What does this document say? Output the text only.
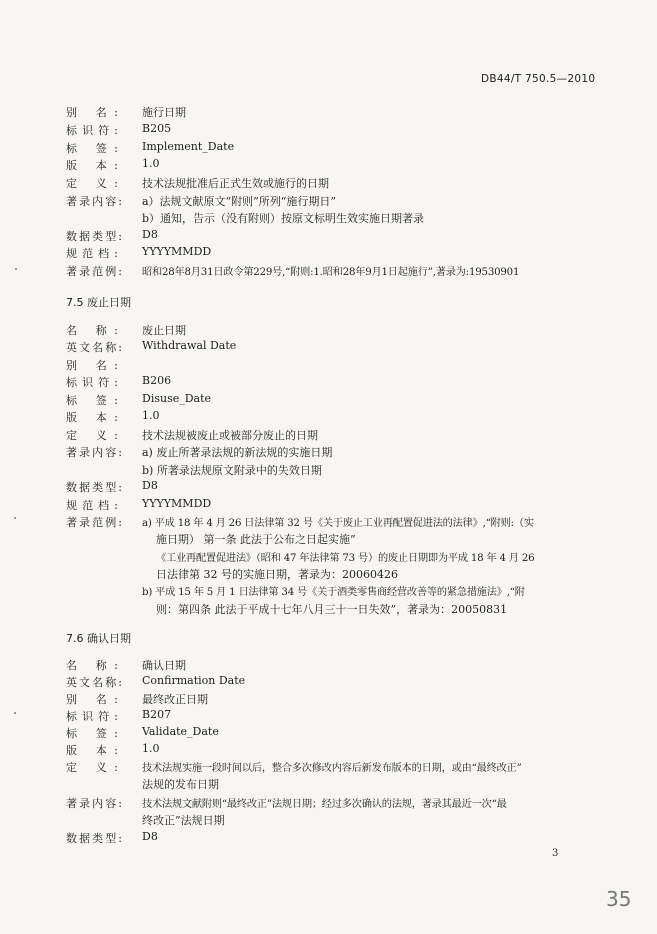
DB44/T 750.5—2010
别 名: 施行日期
标识符: B205
标 签: Implement_Date
版 本: 1.0
定 义: 技术法规批准后正式生效或施行的日期
著录内容: a）法规文献原文“附则”所列“施行期日”
b）通知，告示（没有附则）按原文标明生效实施日期著录
数据类型: D8
规范档: YYYYMMDD
著录范例: 昭和28年8月31日政令第229号,“附则:1.昭和28年9月1日起施行”,著录为:19530901
7.5 废止日期
名 称: 废止日期
英文名称: Withdrawal Date
别 名:
标识符: B206
标 签: Disuse_Date
版 本: 1.0
定 义: 技术法规被废止或被部分废止的日期
著录内容: a) 废止所著录法规的新法规的实施日期
b) 所著录法规原文附录中的失效日期
数据类型: D8
规范档: YYYYMMDD
著录范例: a) 平成 18 年 4 月 26 日法律第 32 号《关于废止工业再配置促进法的法律》,“附则:（实
施日期） 第一条 此法于公布之日起实施”
《工业再配置促进法》（昭和 47 年法律第 73 号）的废止日期即为平成 18 年 4 月 26
日法律第 32 号的实施日期，著录为：20060426
b) 平成 15 年 5 月 1 日法律第 34 号《关于酒类零售商经营改善等的紧急措施法》,“附
则：第四条 此法于平成十七年八月三十一日失效”，著录为：20050831
7.6 确认日期
名 称: 确认日期
英文名称: Confirmation Date
别 名: 最终改正日期
标识符: B207
标 签: Validate_Date
版 本: 1.0
定 义: 技术法规实施一段时间以后，整合多次修改内容后新发布版本的日期，或由“最终改正”
法规的发布日期
著录内容: 技术法规文献附则“最终改正”法规日期；经过多次确认的法规，著录其最近一次“最
终改正”法规日期
数据类型: D8
3
35
